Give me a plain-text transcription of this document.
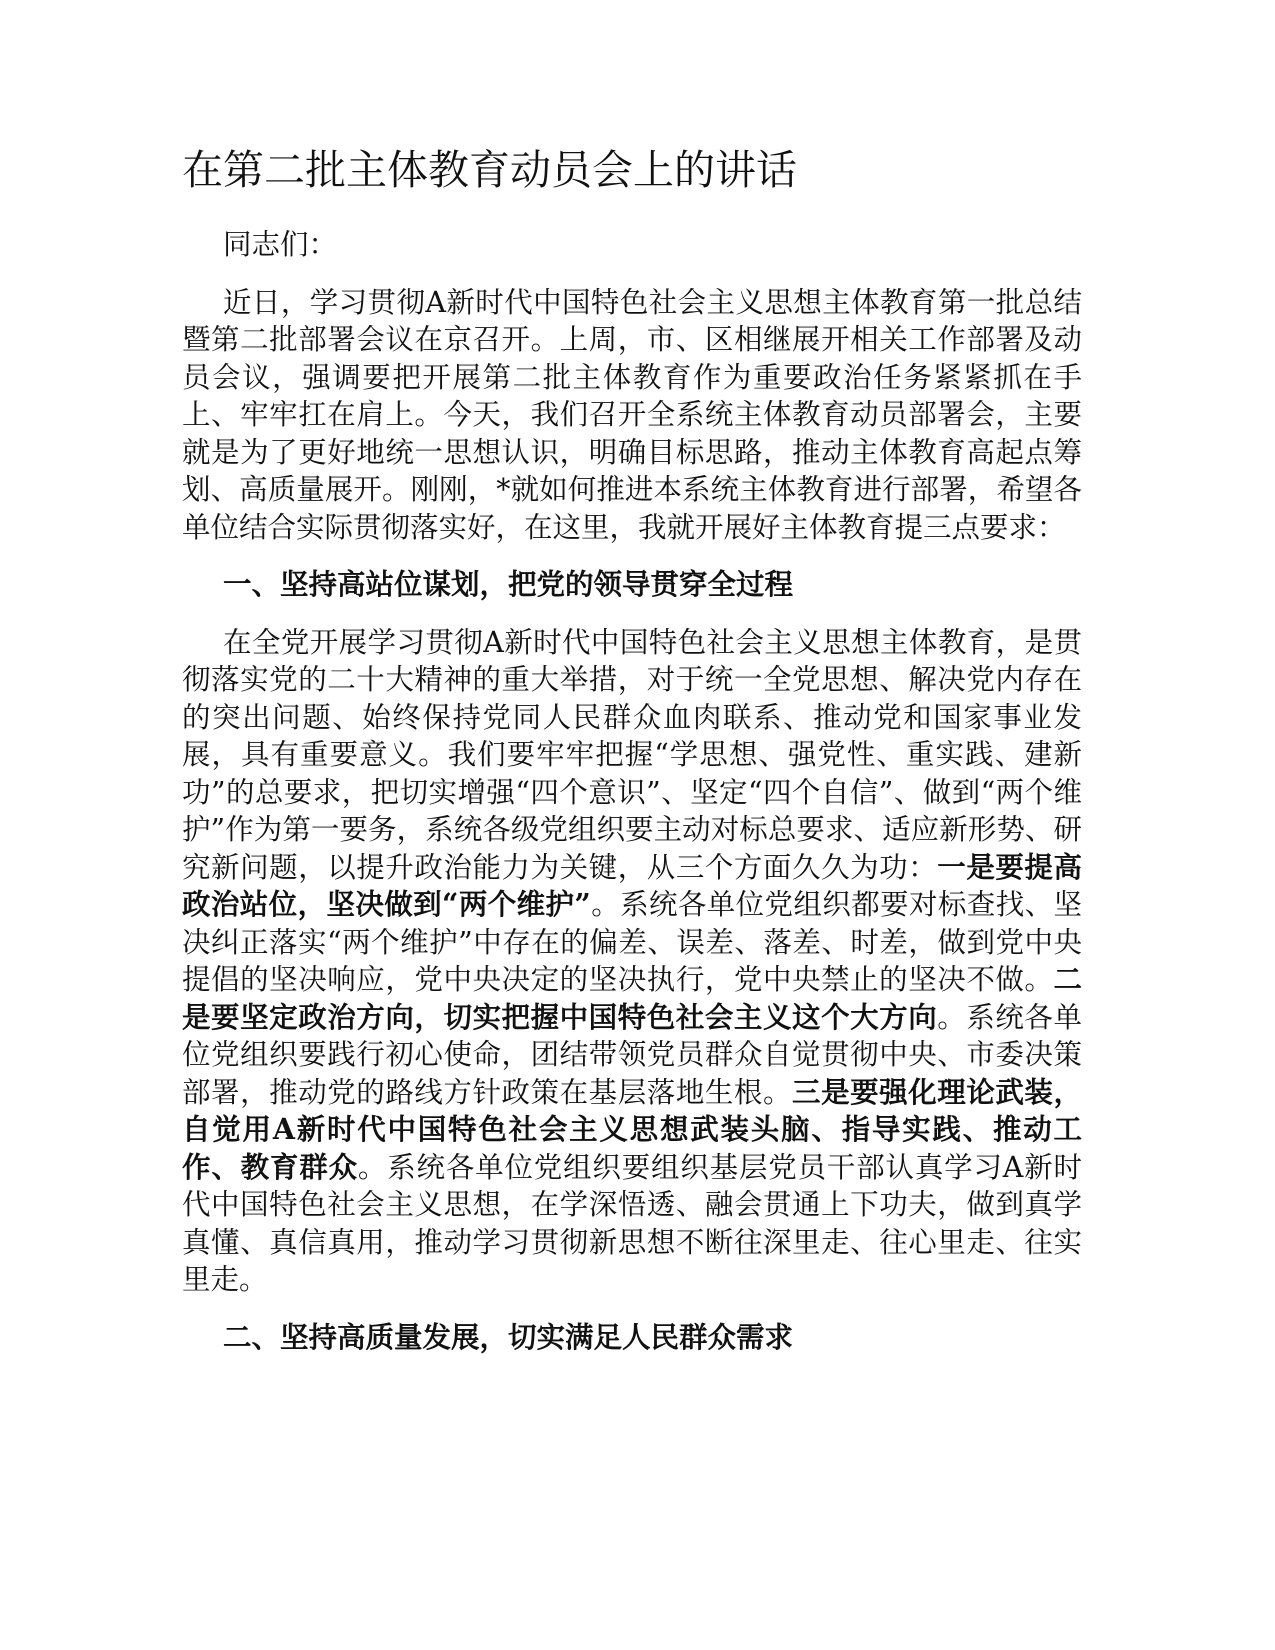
在第二批主体教育动员会上的讲话

同志们：

近日，学习贯彻A新时代中国特色社会主义思想主体教育第一批总结暨第二批部署会议在京召开。上周，市、区相继展开相关工作部署及动员会议，强调要把开展第二批主体教育作为重要政治任务紧紧抓在手上、牢牢扛在肩上。今天，我们召开全系统主体教育动员部署会，主要就是为了更好地统一思想认识，明确目标思路，推动主体教育高起点筹划、高质量展开。刚刚，*就如何推进本系统主体教育进行部署，希望各单位结合实际贯彻落实好，在这里，我就开展好主体教育提三点要求：

一、坚持高站位谋划，把党的领导贯穿全过程

在全党开展学习贯彻A新时代中国特色社会主义思想主体教育，是贯彻落实党的二十大精神的重大举措，对于统一全党思想、解决党内存在的突出问题、始终保持党同人民群众血肉联系、推动党和国家事业发展，具有重要意义。我们要牢牢把握“学思想、强党性、重实践、建新功”的总要求，把切实增强“四个意识”、坚定“四个自信”、做到“两个维护”作为第一要务，系统各级党组织要主动对标总要求、适应新形势、研究新问题，以提升政治能力为关键，从三个方面久久为功：一是要提高政治站位，坚决做到“两个维护”。系统各单位党组织都要对标查找、坚决纠正落实“两个维护”中存在的偏差、误差、落差、时差，做到党中央提倡的坚决响应，党中央决定的坚决执行，党中央禁止的坚决不做。二是要坚定政治方向，切实把握中国特色社会主义这个大方向。系统各单位党组织要践行初心使命，团结带领党员群众自觉贯彻中央、市委决策部署，推动党的路线方针政策在基层落地生根。三是要强化理论武装，自觉用A新时代中国特色社会主义思想武装头脑、指导实践、推动工作、教育群众。系统各单位党组织要组织基层党员干部认真学习A新时代中国特色社会主义思想，在学深悟透、融会贯通上下功夫，做到真学真懂、真信真用，推动学习贯彻新思想不断往深里走、往心里走、往实里走。

二、坚持高质量发展，切实满足人民群众需求
